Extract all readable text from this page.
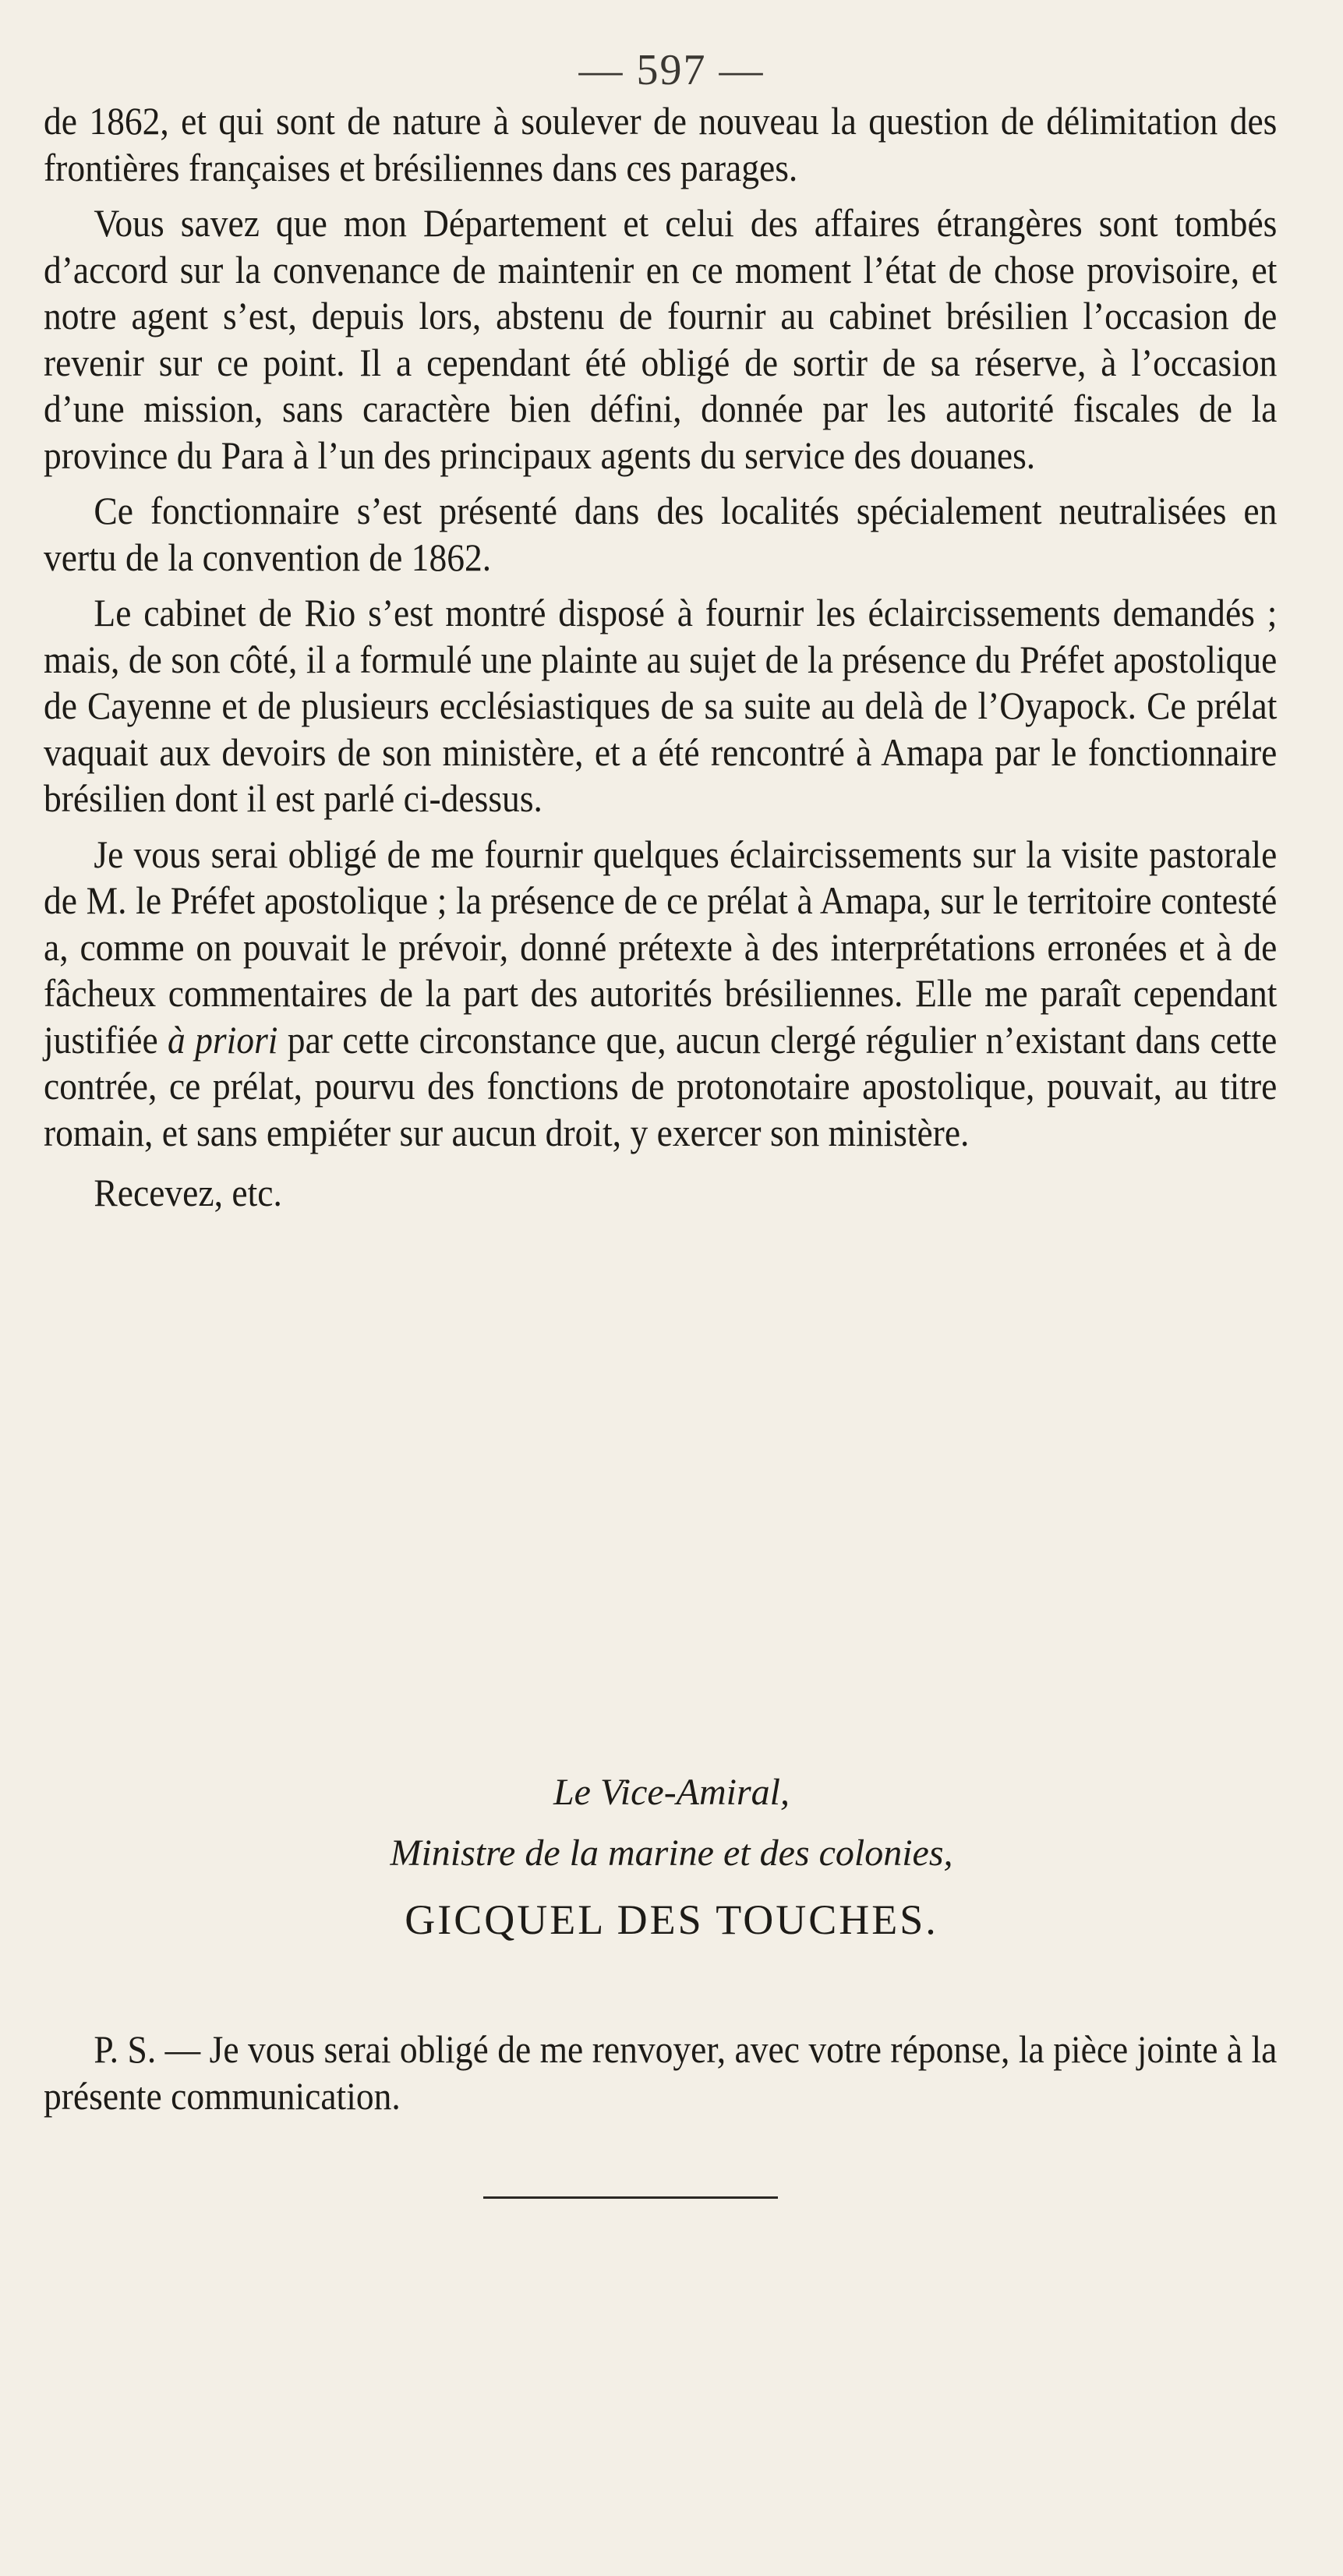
— 597 —

de 1862, et qui sont de nature à soulever de nouveau la question de délimitation des frontières françaises et brésiliennes dans ces parages.

Vous savez que mon Département et celui des affaires étrangères sont tombés d’accord sur la convenance de maintenir en ce moment l’état de chose provisoire, et notre agent s’est, depuis lors, abstenu de fournir au cabinet brésilien l’occasion de revenir sur ce point. Il a cependant été obligé de sortir de sa réserve, à l’occasion d’une mission, sans caractère bien défini, donnée par les autorité fiscales de la province du Para à l’un des principaux agents du service des douanes.

Ce fonctionnaire s’est présenté dans des localités spécialement neutralisées en vertu de la convention de 1862.

Le cabinet de Rio s’est montré disposé à fournir les éclaircissements demandés ; mais, de son côté, il a formulé une plainte au sujet de la présence du Préfet apostolique de Cayenne et de plusieurs ecclésiastiques de sa suite au delà de l’Oyapock. Ce prélat vaquait aux devoirs de son ministère, et a été rencontré à Amapa par le fonctionnaire brésilien dont il est parlé ci-dessus.

Je vous serai obligé de me fournir quelques éclaircissements sur la visite pastorale de M. le Préfet apostolique ; la présence de ce prélat à Amapa, sur le territoire contesté a, comme on pouvait le prévoir, donné prétexte à des interprétations erronées et à de fâcheux commentaires de la part des autorités brésiliennes. Elle me paraît cependant justifiée à priori par cette circonstance que, aucun clergé régulier n’existant dans cette contrée, ce prélat, pourvu des fonctions de protonotaire apostolique, pouvait, au titre romain, et sans empiéter sur aucun droit, y exercer son ministère.

Recevez, etc.

Le Vice-Amiral,
Ministre de la marine et des colonies,
GICQUEL DES TOUCHES.
P. S. — Je vous serai obligé de me renvoyer, avec votre réponse, la pièce jointe à la présente communication.
